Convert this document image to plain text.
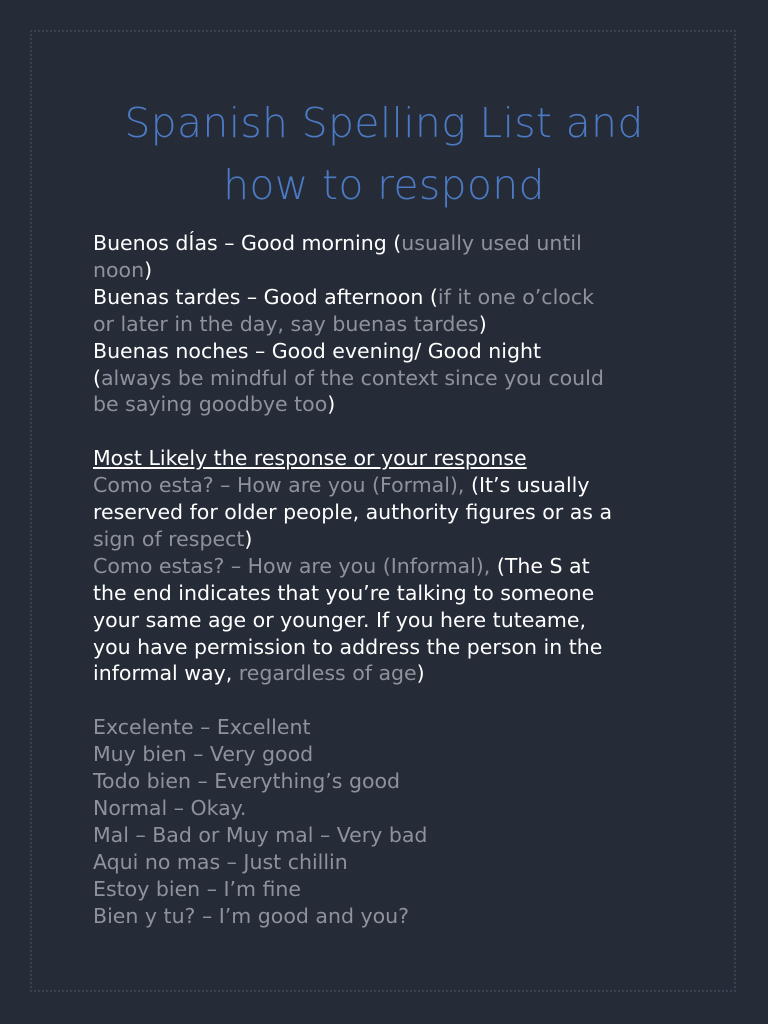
Spanish Spelling List and
how to respond
Buenos dÍas – Good morning (usually used until
noon)
Buenas tardes – Good afternoon (if it one o’clock
or later in the day, say buenas tardes)
Buenas noches – Good evening/ Good night
(always be mindful of the context since you could
be saying goodbye too)
Most Likely the response or your response
Como esta? – How are you (Formal), (It’s usually
reserved for older people, authority figures or as a
sign of respect)
Como estas? – How are you (Informal), (The S at
the end indicates that you’re talking to someone
your same age or younger. If you here tuteame,
you have permission to address the person in the
informal way, regardless of age)
Excelente – Excellent
Muy bien – Very good
Todo bien – Everything’s good
Normal – Okay.
Mal – Bad or Muy mal – Very bad
Aqui no mas – Just chillin
Estoy bien – I’m fine
Bien y tu? – I’m good and you?
